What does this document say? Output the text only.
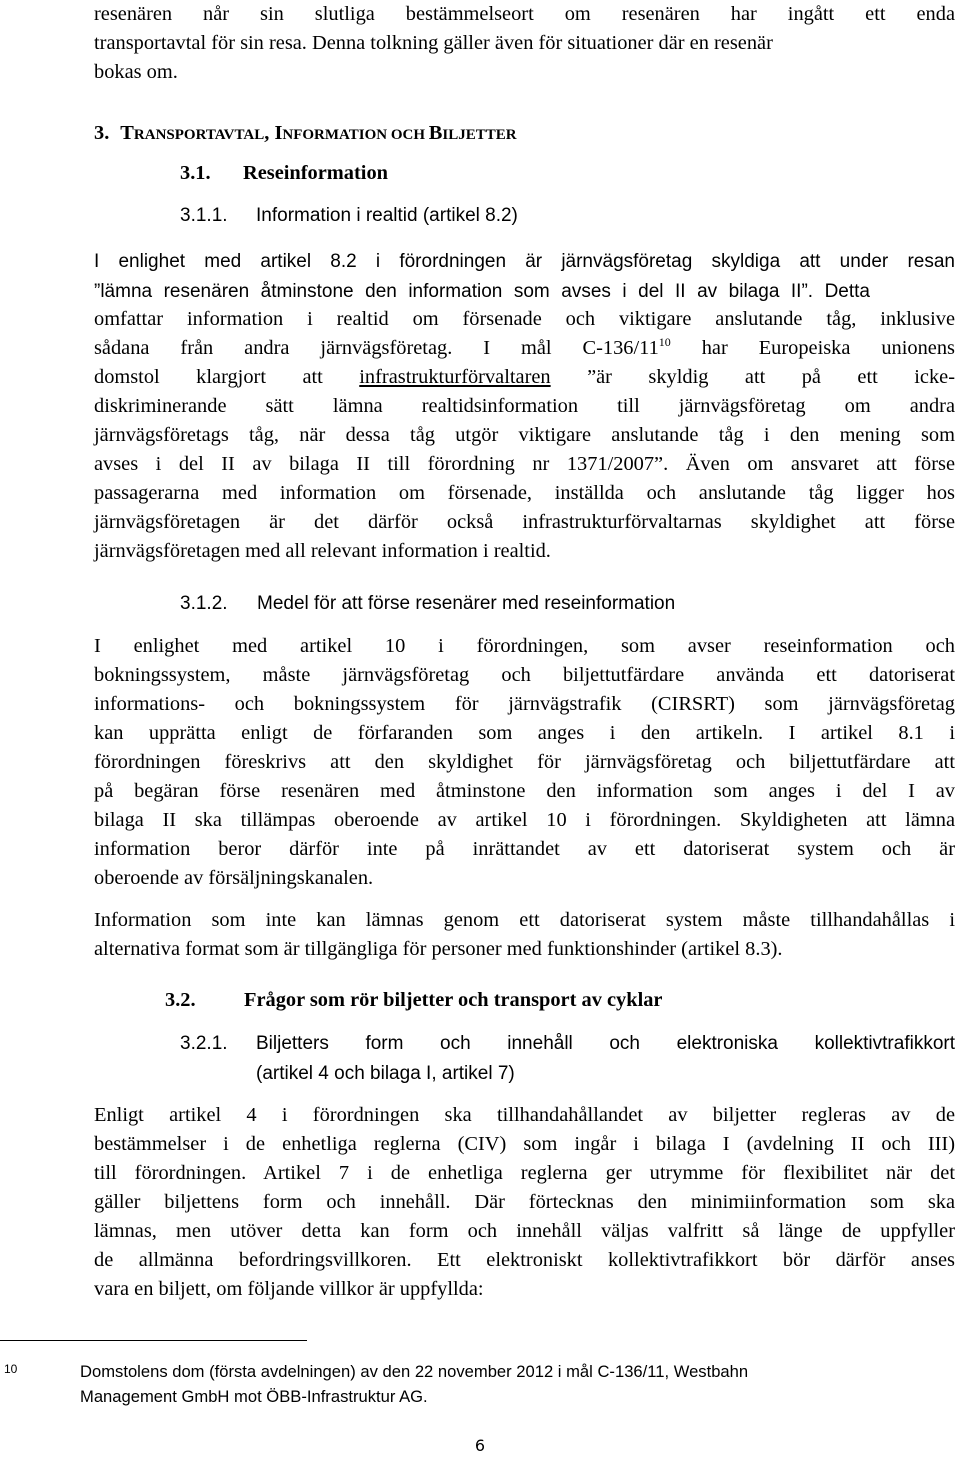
resenären når sin slutliga bestämmelseort om resenären har ingått ett enda
transportavtal för sin resa. Denna tolkning gäller även för situationer där en resenär
bokas om.
3. TRANSPORTAVTAL, INFORMATION OCH BILJETTER
3.1. Reseinformation
3.1.1. Information i realtid (artikel 8.2)
I enlighet med artikel 8.2 i förordningen är järnvägsföretag skyldiga att under resan
”lämna resenären åtminstone den information som avses i del II av bilaga II”. Detta
omfattar information i realtid om försenade och viktigare anslutande tåg, inklusive
sådana från andra järnvägsföretag. I mål $C-136/11^{10}$ har Europeiska unionens
domstol klargjort att infrastrukturförvaltaren ”är skyldig att på ett icke-
diskriminerande sätt lämna realtidsinformation till järnvägsföretag om andra
järnvägsföretags tåg, när dessa tåg utgör viktigare anslutande tåg i den mening som
avses i del II av bilaga II till förordning nr 1371/2007”. Även om ansvaret att förse
passagerarna med information om försenade, inställda och anslutande tåg ligger hos
järnvägsföretagen är det därför också infrastrukturförvaltarnas skyldighet att förse
järnvägsföretagen med all relevant information i realtid.
3.1.2. Medel för att förse resenärer med reseinformation
I enlighet med artikel 10 i förordningen, som avser reseinformation och
bokningssystem, måste järnvägsföretag och biljettutfärdare använda ett datoriserat
informations- och bokningssystem för järnvägstrafik (CIRSRT) som järnvägsföretag
kan upprätta enligt de förfaranden som anges i den artikeln. I artikel 8.1 i
förordningen föreskrivs att den skyldighet för järnvägsföretag och biljettutfärdare att
på begäran förse resenären med åtminstone den information som anges i del I av
bilaga II ska tillämpas oberoende av artikel 10 i förordningen. Skyldigheten att lämna
information beror därför inte på inrättandet av ett datoriserat system och är
oberoende av försäljningskanalen.
Information som inte kan lämnas genom ett datoriserat system måste tillhandahållas i
alternativa format som är tillgängliga för personer med funktionshinder (artikel 8.3).
3.2. Frågor som rör biljetter och transport av cyklar
3.2.1. Biljetters form och innehåll och elektroniska kollektivtrafikkort
(artikel 4 och bilaga I, artikel 7)
Enligt artikel 4 i förordningen ska tillhandahållandet av biljetter regleras av de
bestämmelser i de enhetliga reglerna (CIV) som ingår i bilaga I (avdelning II och III)
till förordningen. Artikel 7 i de enhetliga reglerna ger utrymme för flexibilitet när det
gäller biljettens form och innehåll. Där förtecknas den minimiinformation som ska
lämnas, men utöver detta kan form och innehåll väljas valfritt så länge de uppfyller
de allmänna befordringsvillkoren. Ett elektroniskt kollektivtrafikkort bör därför anses
vara en biljett, om följande villkor är uppfyllda:
10	Domstolens dom (första avdelningen) av den 22 november 2012 i mål C-136/11, Westbahn
Management GmbH mot ÖBB-Infrastruktur AG.
6
